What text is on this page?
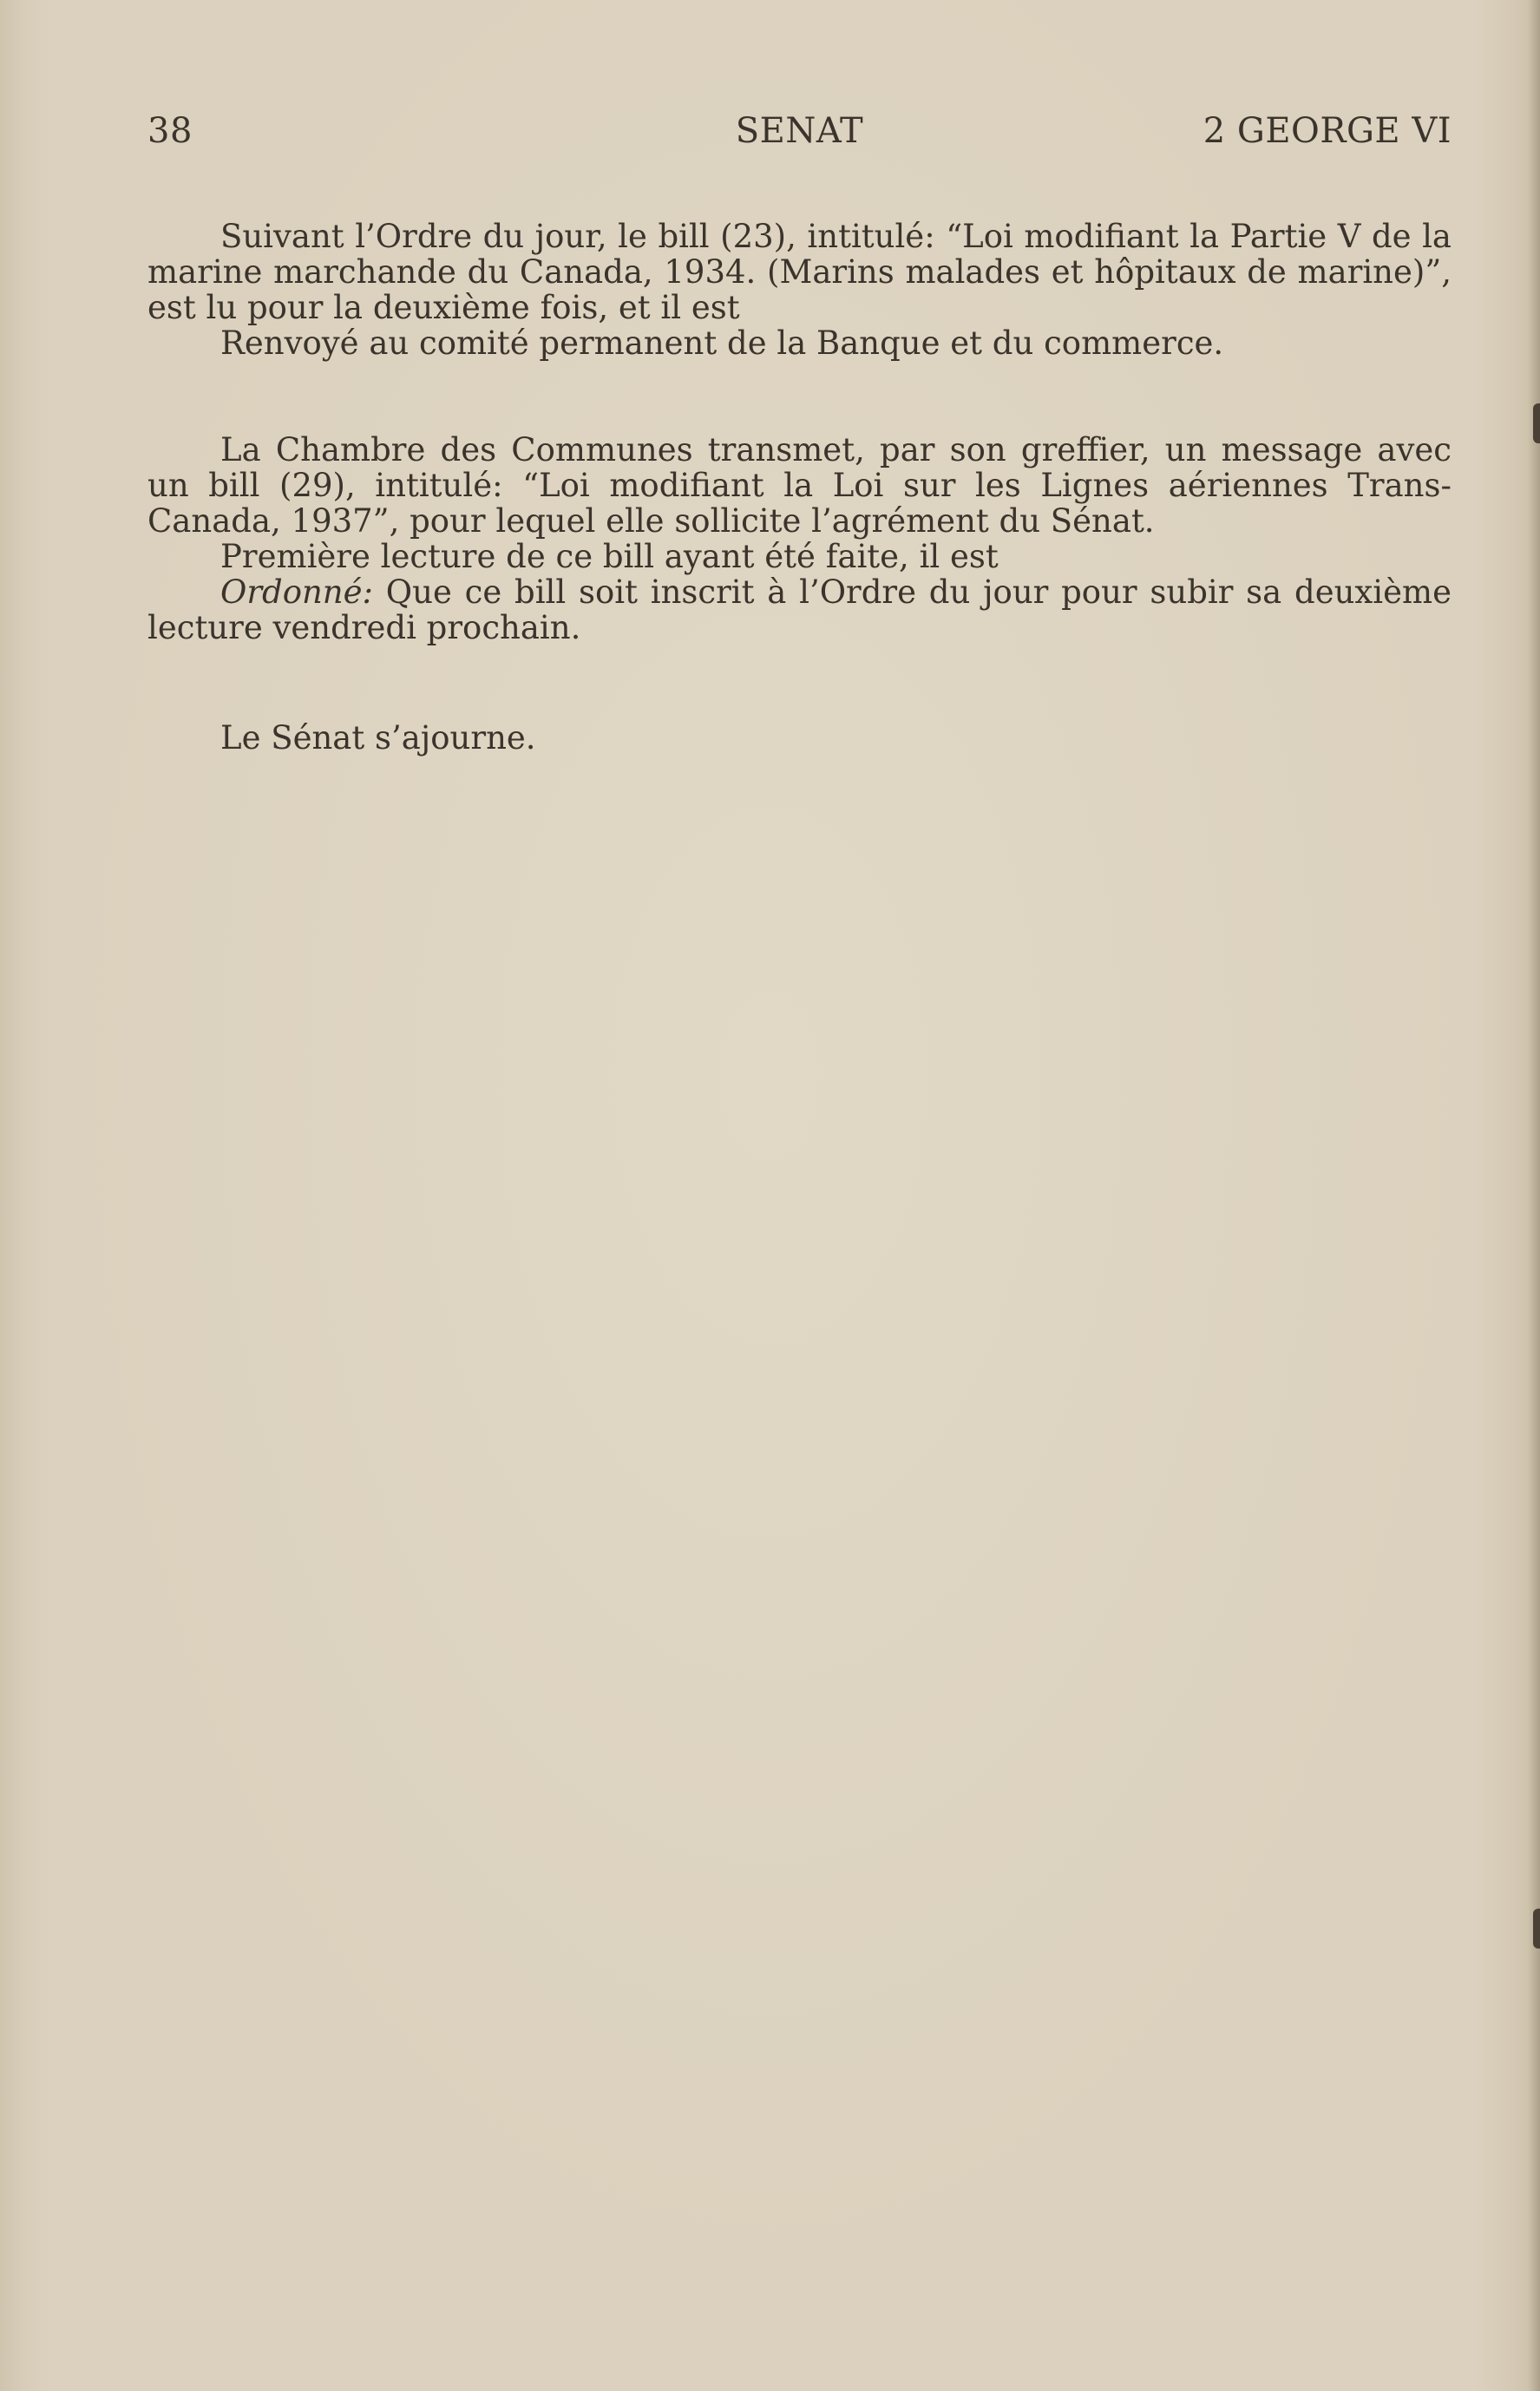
38	SENAT	2 GEORGE VI

Suivant l’Ordre du jour, le bill (23), intitulé: “Loi modifiant la Partie V de la marine marchande du Canada, 1934. (Marins malades et hôpitaux de marine)”, est lu pour la deuxième fois, et il est

Renvoyé au comité permanent de la Banque et du commerce.

La Chambre des Communes transmet, par son greffier, un message avec un bill (29), intitulé: “Loi modifiant la Loi sur les Lignes aériennes Trans-Canada, 1937”, pour lequel elle sollicite l’agrément du Sénat.

Première lecture de ce bill ayant été faite, il est

Ordonné: Que ce bill soit inscrit à l’Ordre du jour pour subir sa deuxième lecture vendredi prochain.

Le Sénat s’ajourne.
